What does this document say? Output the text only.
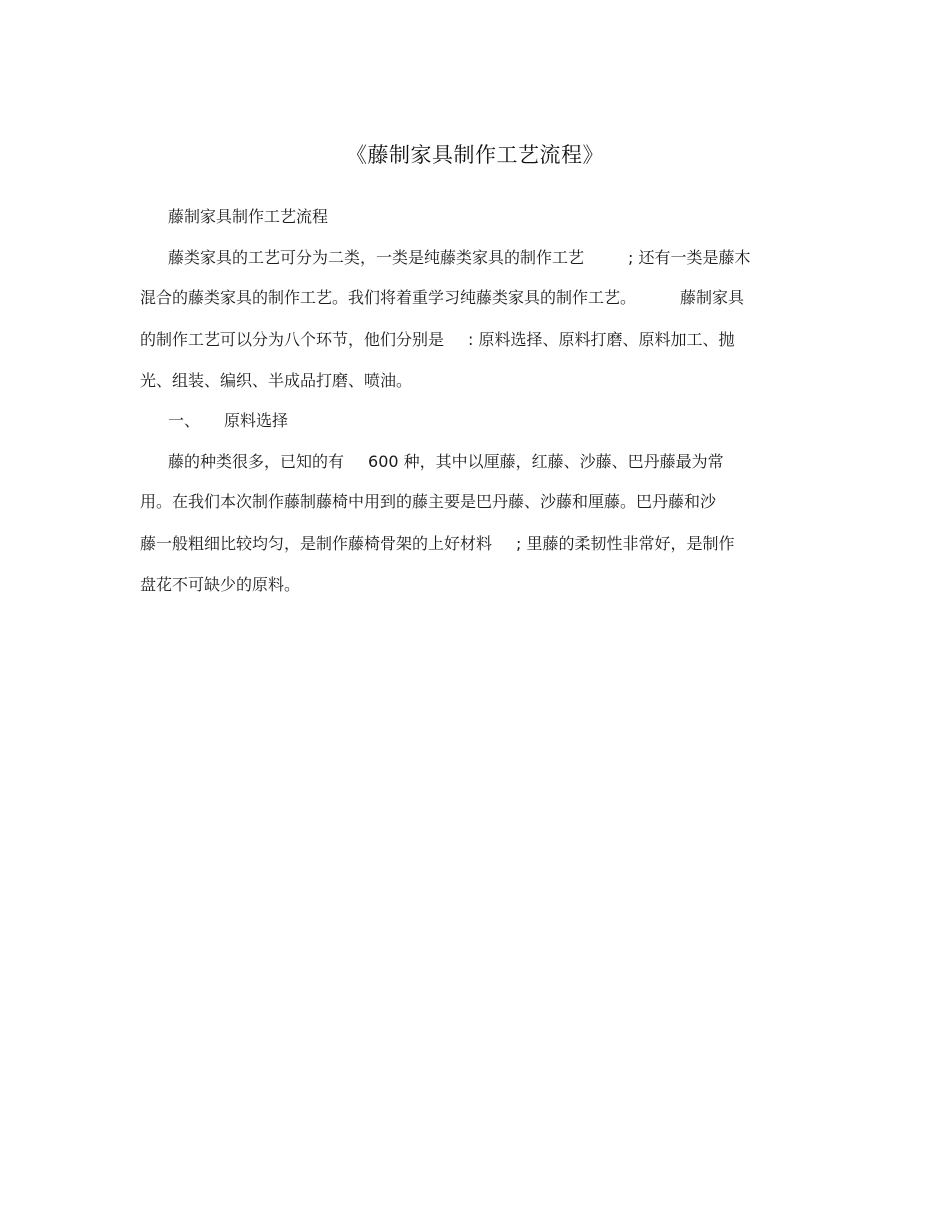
《藤制家具制作工艺流程》
藤制家具制作工艺流程
藤类家具的工艺可分为二类，一类是纯藤类家具的制作工艺	; 还有一类是藤木
混合的藤类家具的制作工艺。我们将着重学习纯藤类家具的制作工艺。	藤制家具
的制作工艺可以分为八个环节，他们分别是 : 原料选择、原料打磨、原料加工、抛
光、组装、编织、半成品打磨、喷油。
一、 原料选择
藤的种类很多，已知的有 600 种，其中以厘藤，红藤、沙藤、巴丹藤最为常
用。在我们本次制作藤制藤椅中用到的藤主要是巴丹藤、沙藤和厘藤。巴丹藤和沙
藤一般粗细比较均匀，是制作藤椅骨架的上好材料 ; 里藤的柔韧性非常好，是制作
盘花不可缺少的原料。
